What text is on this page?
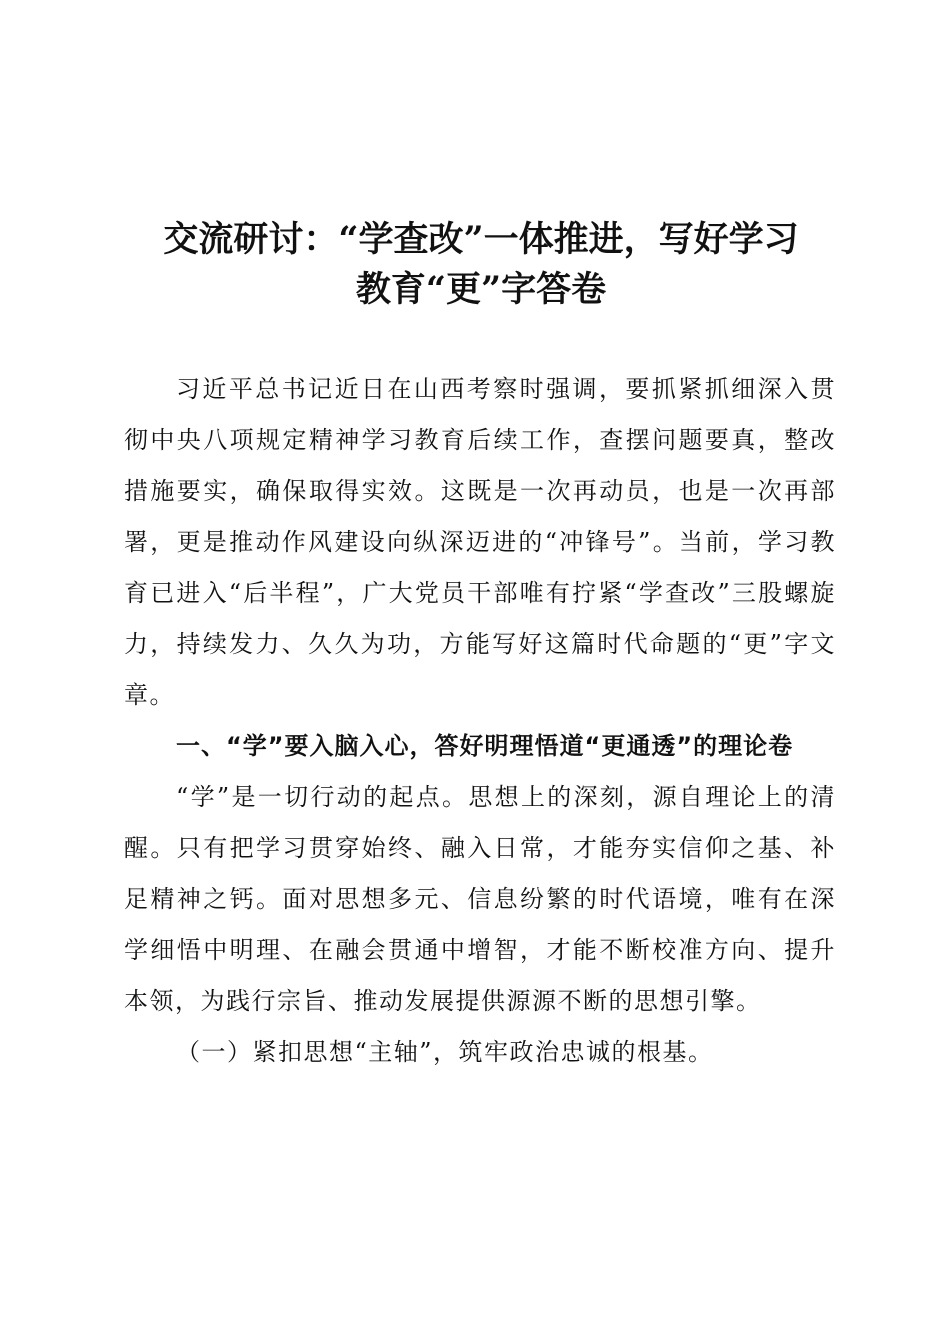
交流研讨：“学查改”一体推进，写好学习
教育“更”字答卷

习近平总书记近日在山西考察时强调，要抓紧抓细深入贯彻中央八项规定精神学习教育后续工作，查摆问题要真，整改措施要实，确保取得实效。这既是一次再动员，也是一次再部署，更是推动作风建设向纵深迈进的“冲锋号”。当前，学习教育已进入“后半程”，广大党员干部唯有拧紧“学查改”三股螺旋力，持续发力、久久为功，方能写好这篇时代命题的“更”字文章。

一、“学”要入脑入心，答好明理悟道“更通透”的理论卷

“学”是一切行动的起点。思想上的深刻，源自理论上的清醒。只有把学习贯穿始终、融入日常，才能夯实信仰之基、补足精神之钙。面对思想多元、信息纷繁的时代语境，唯有在深学细悟中明理、在融会贯通中增智，才能不断校准方向、提升本领，为践行宗旨、推动发展提供源源不断的思想引擎。

（一）紧扣思想“主轴”，筑牢政治忠诚的根基。
